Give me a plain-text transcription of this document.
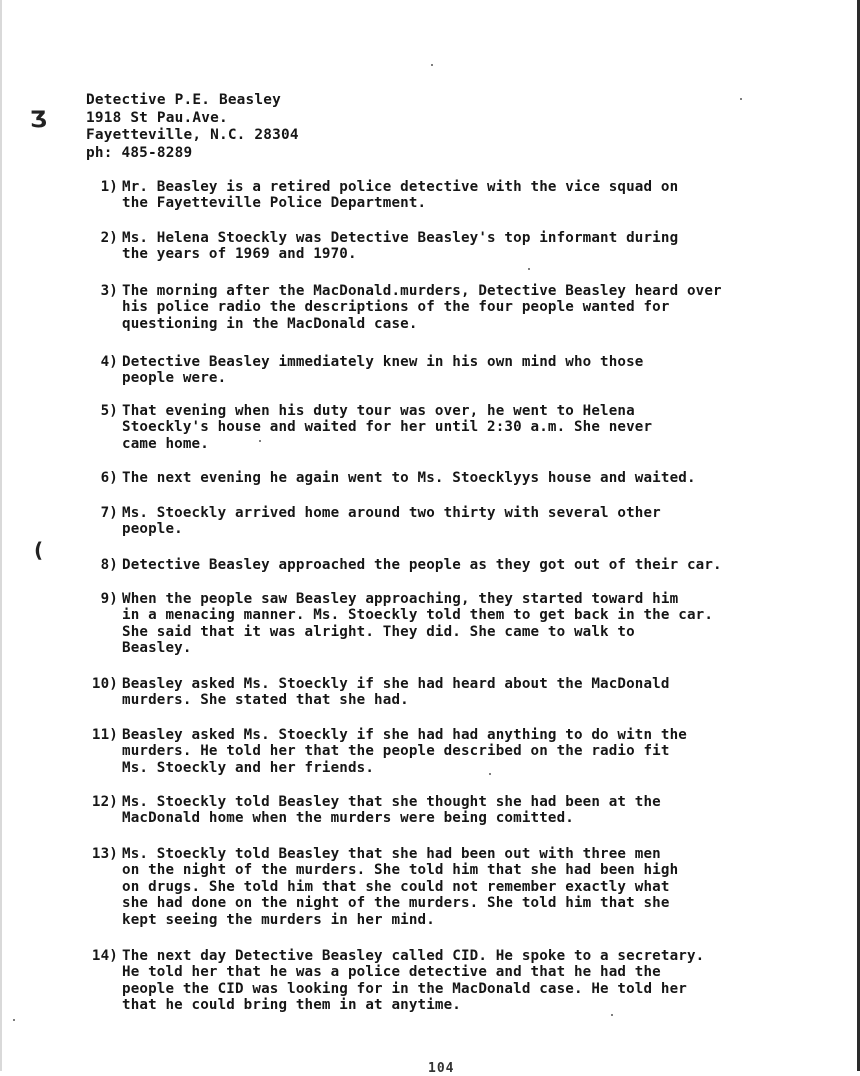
Ʒ
(
Detective P.E. Beasley
1918 St Pau.Ave.
Fayetteville, N.C. 28304
ph: 485-8289
1) Mr. Beasley is a retired police detective with the vice squad on
the Fayetteville Police Department.
2) Ms. Helena Stoeckly was Detective Beasley's top informant during
the years of 1969 and 1970.
3) The morning after the MacDonald.murders, Detective Beasley heard over
his police radio the descriptions of the four people wanted for
questioning in the MacDonald case.
4) Detective Beasley immediately knew in his own mind who those
people were.
5) That evening when his duty tour was over, he went to Helena
Stoeckly's house and waited for her until 2:30 a.m. She never
came home.
6) The next evening he again went to Ms. Stoecklyys house and waited.
7) Ms. Stoeckly arrived home around two thirty with several other
people.
8) Detective Beasley approached the people as they got out of their car.
9) When the people saw Beasley approaching, they started toward him
in a menacing manner. Ms. Stoeckly told them to get back in the car.
She said that it was alright. They did. She came to walk to
Beasley.
10) Beasley asked Ms. Stoeckly if she had heard about the MacDonald
murders. She stated that she had.
11) Beasley asked Ms. Stoeckly if she had had anything to do witn the
murders. He told her that the people described on the radio fit
Ms. Stoeckly and her friends.
12) Ms. Stoeckly told Beasley that she thought she had been at the
MacDonald home when the murders were being comitted.
13) Ms. Stoeckly told Beasley that she had been out with three men
on the night of the murders. She told him that she had been high
on drugs. She told him that she could not remember exactly what
she had done on the night of the murders. She told him that she
kept seeing the murders in her mind.
14) The next day Detective Beasley called CID. He spoke to a secretary.
He told her that he was a police detective and that he had the
people the CID was looking for in the MacDonald case. He told her
that he could bring them in at anytime.
104
